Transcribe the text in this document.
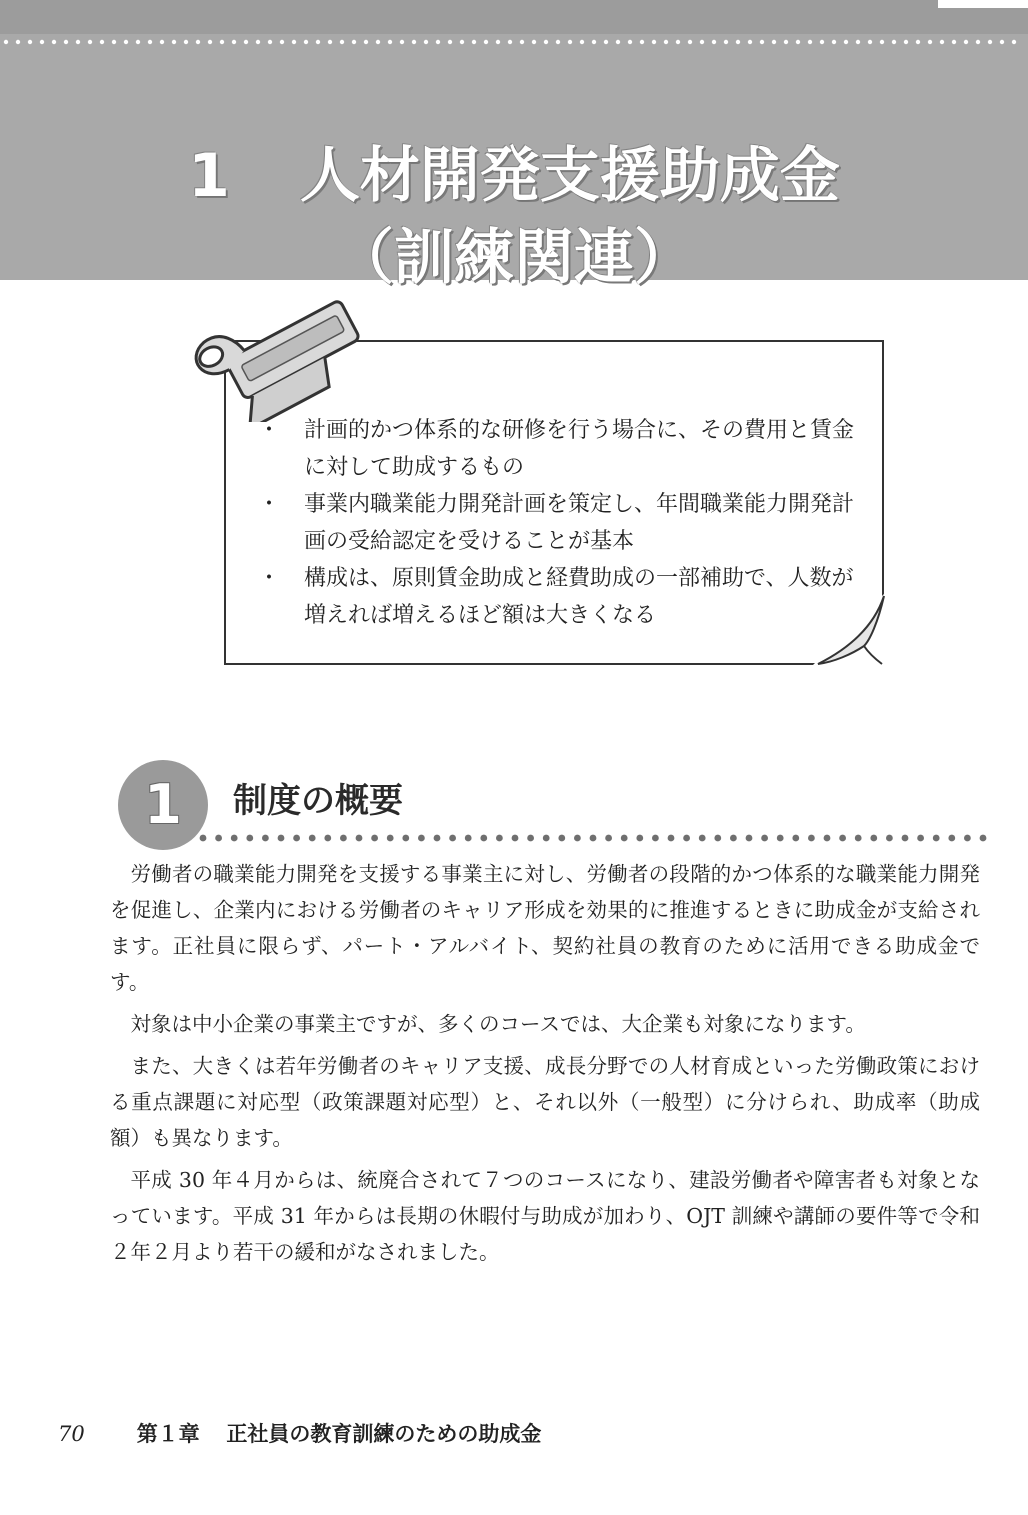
1 人材開発支援助成金
（訓練関連）
・	計画的かつ体系的な研修を行う場合に、その費用と賃金に対して助成するもの
・	事業内職業能力開発計画を策定し、年間職業能力開発計画の受給認定を受けることが基本
・	構成は、原則賃金助成と経費助成の一部補助で、人数が増えれば増えるほど額は大きくなる
1	制度の概要

労働者の職業能力開発を支援する事業主に対し、労働者の段階的かつ体系的な職業能力開発を促進し、企業内における労働者のキャリア形成を効果的に推進するときに助成金が支給されます。正社員に限らず、パート・アルバイト、契約社員の教育のために活用できる助成金です。

対象は中小企業の事業主ですが、多くのコースでは、大企業も対象になります。

また、大きくは若年労働者のキャリア支援、成長分野での人材育成といった労働政策における重点課題に対応型（政策課題対応型）と、それ以外（一般型）に分けられ、助成率（助成額）も異なります。

平成 30 年４月からは、統廃合されて７つのコースになり、建設労働者や障害者も対象となっています。平成 31 年からは長期の休暇付与助成が加わり、OJT 訓練や講師の要件等で令和２年２月より若干の緩和がなされました。

70 第１章 正社員の教育訓練のための助成金
